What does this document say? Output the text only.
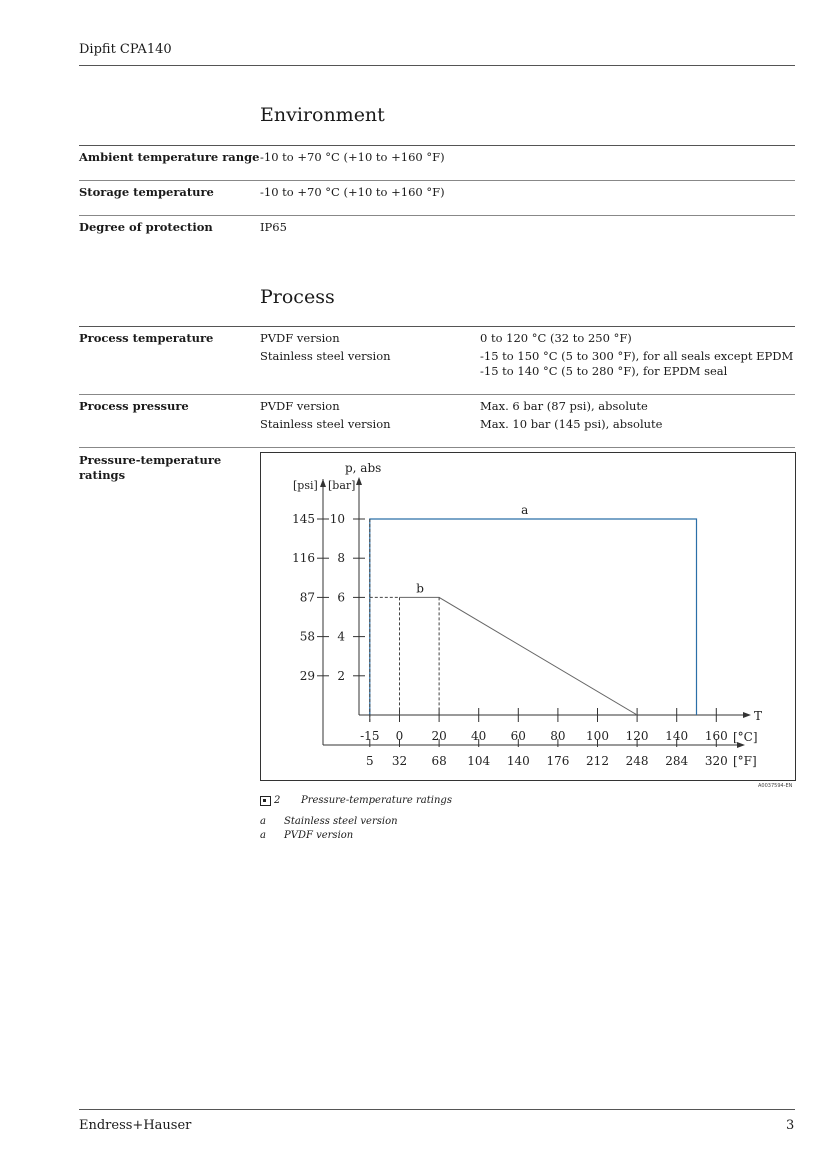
Dipfit CPA140
Environment
Ambient temperature range -10 to +70 °C (+10 to +160 °F)
Storage temperature	-10 to +70 °C (+10 to +160 °F)
Degree of protection	IP65
Process
Process temperature	PVDF version	0 to 120 °C (32 to 250 °F)
Stainless steel version	-15 to 150 °C (5 to 300 °F), for all seals except EPDM
-15 to 140 °C (5 to 280 °F), for EPDM seal
Process pressure	PVDF version	Max. 6 bar (87 psi), absolute
Stainless steel version	Max. 10 bar (145 psi), absolute
Pressure-temperature ratings	p, abs
[psi] [bar]
T
[°C]
[°F]
145 10
116 8
87 6
58 4
29 2
-15
5
0
32
20
68
40
104
60
140
80
176
100
212
120
248
140
284
160
320
a
b
A0037594-EN
2 Pressure-temperature ratings
a Stainless steel version
a PVDF version
Endress+Hauser	3
